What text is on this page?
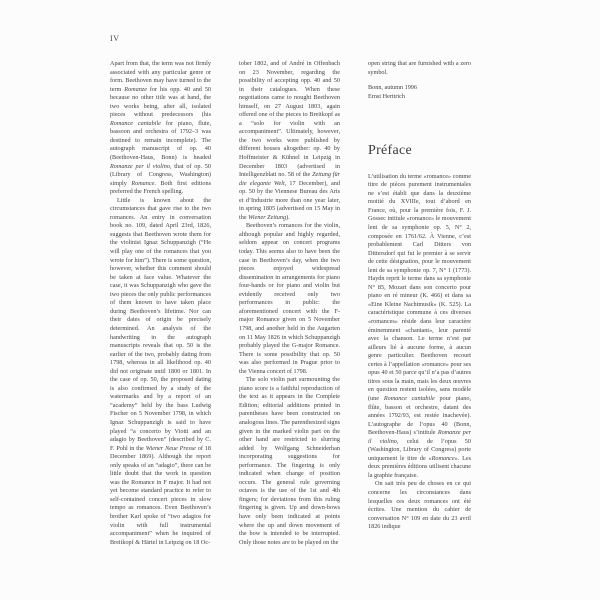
IV

Apart from that, the term was not firmly associated with any particular genre or form. Beethoven may have turned to the term Romanze for his opp. 40 and 50 because no other title was at hand, the two works being, after all, isolated pieces without predecessors (his Romance cantabile for piano, flute, bassoon and orchestra of 1792–3 was destined to remain incomplete). The autograph manuscript of op. 40 (Beethoven-Haus, Bonn) is headed Romanze per il violino, that of op. 50 (Library of Congress, Washington) simply Romance. Both first editions preferred the French spelling.

Little is known about the circumstances that gave rise to the two romances. An entry in conversation book no. 109, dated April 23rd, 1826, suggests that Beethoven wrote them for the violinist Ignaz Schuppanzigh (“He will play one of the romances that you wrote for him”). There is some question, however, whether this comment should be taken at face value. Whatever the case, it was Schuppanzigh who gave the two pieces the only public performances of them known to have taken place during Beethoven’s lifetime. Nor can their dates of origin be precisely determined. An analysis of the handwriting in the autograph manuscripts reveals that op. 50 is the earlier of the two, probably dating from 1798, whereas in all likelihood op. 40 did not originate until 1800 or 1801. In the case of op. 50, the proposed dating is also confirmed by a study of the watermarks and by a report of an “academy” held by the bass Ludwig Fischer on 5 November 1798, in which Ignaz Schuppanzigh is said to have played “a concerto by Viotti and an adagio by Beethoven” (described by C. F. Pohl in the Wiener Neue Presse of 18 December 1869). Although the report only speaks of an “adagio”, there can be little doubt that the work in question was the Romance in F major. It had not yet become standard practice to refer to self-contained concert pieces in slow tempo as romances. Even Beethoven’s brother Karl spoke of “two adagios for violin with full instrumental accompaniment” when he inquired of Breitkopf & Härtel in Leipzig on 18 Oc-

tober 1802, and of André in Offenbach on 23 November, regarding the possibility of accepting opp. 40 and 50 in their catalogues. When these negotiations came to nought Beethoven himself, on 27 August 1803, again offered one of the pieces to Breitkopf as a “solo for violin with an accompaniment”. Ultimately, however, the two works were published by different houses altogether: op. 40 by Hoffmeister & Kühnel in Leipzig in December 1803 (advertised in Intelligenzblatt no. 58 of the Zeitung für die elegante Welt, 17 December), and op. 50 by the Viennese Bureau des Arts et d’Industrie more than one year later, in spring 1805 (advertised on 15 May in the Wiener Zeitung).

Beethoven’s romances for the violin, although popular and highly regarded, seldom appear on concert programs today. This seems also to have been the case in Beethoven’s day, when the two pieces enjoyed widespread dissemination in arrangements for piano four-hands or for piano and violin but evidently received only two performances in public: the aforementioned concert with the F-major Romance given on 5 November 1798, and another held in the Augarten on 11 May 1826 in which Schuppanzigh probably played the G-major Romance. There is some possibility that op. 50 was also performed in Prague prior to the Vienna concert of 1798.

The solo violin part surmounting the piano score is a faithful reproduction of the text as it appears in the Complete Edition; editorial additions printed in parentheses have been constructed on analogous lines. The parenthesized signs given in the marked violin part on the other hand are restricted to slurring added by Wolfgang Schneiderhan incorporating suggestions for performance. The fingering is only indicated when change of position occurs. The general rule governing octaves is the use of the 1st and 4th fingers; for deviations from this ruling fingering is given. Up and down-bows have only been indicated at points where the up and down movement of the bow is intended to be interrupted. Only those notes are to be played on the

open string that are furnished with a zero symbol.

Bonn, autumn 1996
Ernst Herttrich
Préface

L’utilisation du terme «romance» comme titre de pièces purement instrumentales ne s’est établi que dans la deuxième moitié du XVIIIe, tout d’abord en France, où, pour la première fois, F. J. Gossec intitule «romance» le mouvement lent de sa symphonie op. 5, N° 2, composée en 1761/62. À Vienne, c’est probablement Carl Ditters von Dittersdorf qui fut le premier à se servir de cette désignation, pour le mouvement lent de sa symphonie op. 7, N° 1 (1773). Haydn reprit le terme dans sa symphonie N° 85, Mozart dans son concerto pour piano en ré mineur (K. 466) et dans sa «Eine Kleine Nachtmusik» (K. 525). La caractéristique commune à ces diverses «romances» réside dans leur caractère éminemment «chantant», leur parenté avec la chanson. Le terme n’est par ailleurs lié à aucune forme, à aucun genre particulier. Beethoven recourt certes à l’appellation «romance» pour ses opus 40 et 50 parce qu’il n’a pas d’autres titres sous la main, mais les deux œuvres en question restent isolées, sans modèle (une Romance cantabile pour piano, flûte, basson et orchestre, datant des années 1792/93, est restée inachevée). L’autographe de l’opus 40 (Bonn, Beethoven-Haus) s’intitule Romanze per il violino, celui de l’opus 50 (Washington, Library of Congress) porte uniquement le titre de «Romance». Les deux premières éditions utilisent chacune la graphie française.

On sait très peu de choses en ce qui concerne les circonstances dans lesquelles ces deux romances ont été écrites. Une mention du cahier de conversation N° 109 en date du 23 avril 1826 indique
